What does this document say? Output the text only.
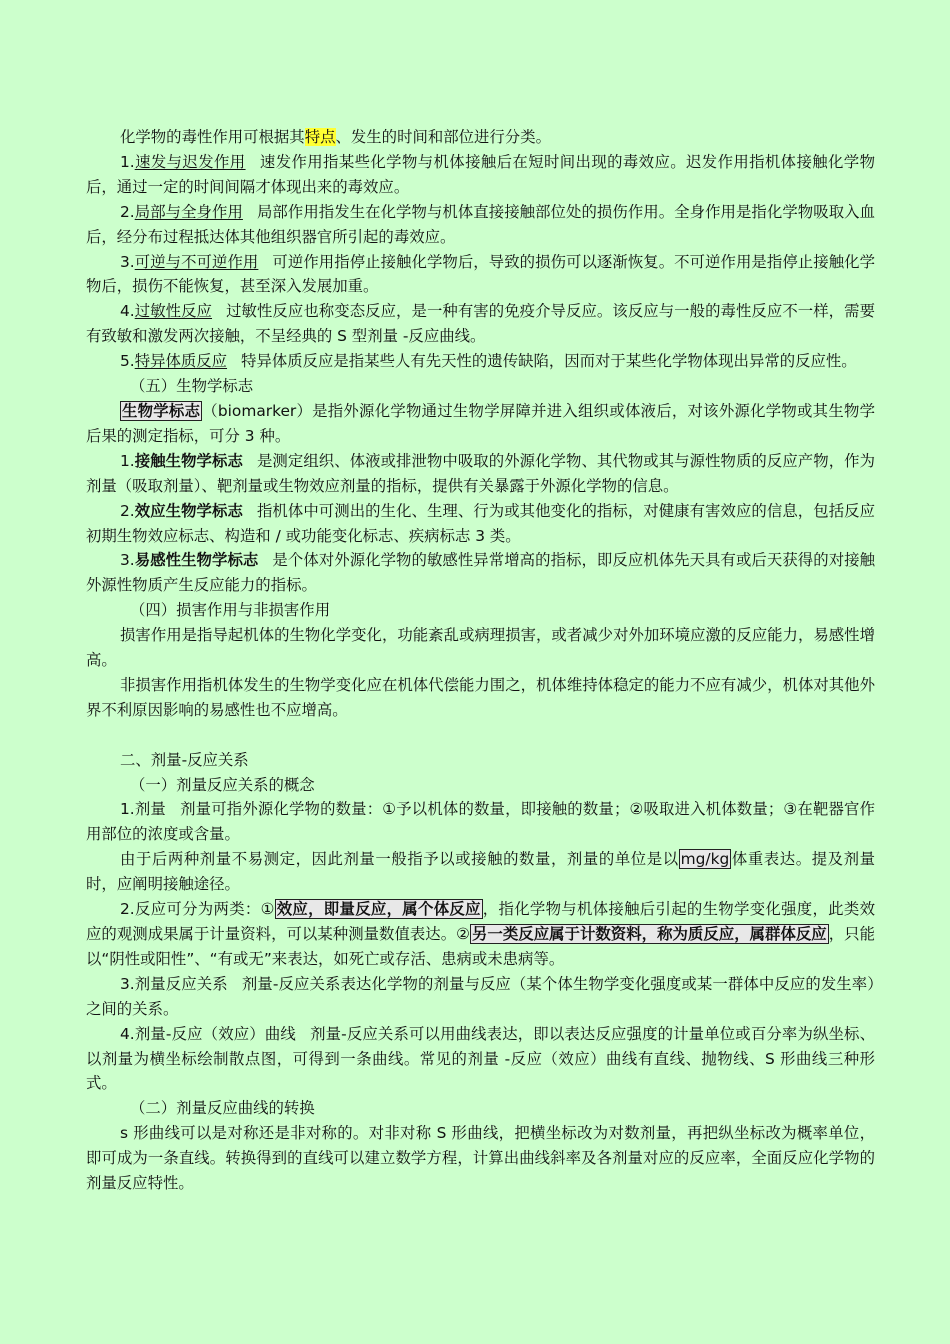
化学物的毒性作用可根据其特点、发生的时间和部位进行分类。

1.速发与迟发作用 速发作用指某些化学物与机体接触后在短时间出现的毒效应。迟发作用指机体接触化学物后，通过一定的时间间隔才体现出来的毒效应。

2.局部与全身作用 局部作用指发生在化学物与机体直接接触部位处的损伤作用。全身作用是指化学物吸取入血后，经分布过程抵达体其他组织器官所引起的毒效应。

3.可逆与不可逆作用 可逆作用指停止接触化学物后，导致的损伤可以逐渐恢复。不可逆作用是指停止接触化学物后，损伤不能恢复，甚至深入发展加重。

4.过敏性反应 过敏性反应也称变态反应，是一种有害的免疫介导反应。该反应与一般的毒性反应不一样，需要有致敏和激发两次接触，不呈经典的 S 型剂量 -反应曲线。

5.特异体质反应 特异体质反应是指某些人有先天性的遗传缺陷，因而对于某些化学物体现出异常的反应性。

（五）生物学标志

生物学标志 （biomarker）是指外源化学物通过生物学屏障并进入组织或体液后，对该外源化学物或其生物学后果的测定指标，可分 3 种。

1.接触生物学标志 是测定组织、体液或排泄物中吸取的外源化学物、其代物或其与源性物质的反应产物，作为剂量（吸取剂量）、靶剂量或生物效应剂量的指标，提供有关暴露于外源化学物的信息。

2.效应生物学标志 指机体中可测出的生化、生理、行为或其他变化的指标，对健康有害效应的信息，包括反应初期生物效应标志、构造和 / 或功能变化标志、疾病标志 3 类。

3.易感性生物学标志 是个体对外源化学物的敏感性异常增高的指标，即反应机体先天具有或后天获得的对接触外源性物质产生反应能力的指标。

（四）损害作用与非损害作用

损害作用是指导起机体的生物化学变化，功能紊乱或病理损害，或者减少对外加环境应激的反应能力，易感性增高。

非损害作用指机体发生的生物学变化应在机体代偿能力围之，机体维持体稳定的能力不应有减少，机体对其他外界不利原因影响的易感性也不应增高。

二、剂量-反应关系

（一）剂量反应关系的概念

1.剂量 剂量可指外源化学物的数量：①予以机体的数量，即接触的数量；②吸取进入机体数量；③在靶器官作用部位的浓度或含量。

由于后两种剂量不易测定，因此剂量一般指予以或接触的数量，剂量的单位是以 mg/kg 体重表达。提及剂量时，应阐明接触途径。

2.反应可分为两类：① 效应，即量反应，属个体反应 ，指化学物与机体接触后引起的生物学变化强度，此类效应的观测成果属于计量资料，可以某种测量数值表达。② 另一类反应属于计数资料，称为质反应，属群体反应 ，只能以“阴性或阳性”、“有或无”来表达，如死亡或存活、患病或未患病等。

3.剂量反应关系 剂量-反应关系表达化学物的剂量与反应（某个体生物学变化强度或某一群体中反应的发生率）之间的关系。

4.剂量-反应（效应）曲线 剂量-反应关系可以用曲线表达，即以表达反应强度的计量单位或百分率为纵坐标、以剂量为横坐标绘制散点图，可得到一条曲线。常见的剂量 -反应（效应）曲线有直线、抛物线、S 形曲线三种形式。

（二）剂量反应曲线的转换

s 形曲线可以是对称还是非对称的。对非对称 S 形曲线，把横坐标改为对数剂量，再把纵坐标改为概率单位，即可成为一条直线。转换得到的直线可以建立数学方程，计算出曲线斜率及各剂量对应的反应率，全面反应化学物的剂量反应特性。
